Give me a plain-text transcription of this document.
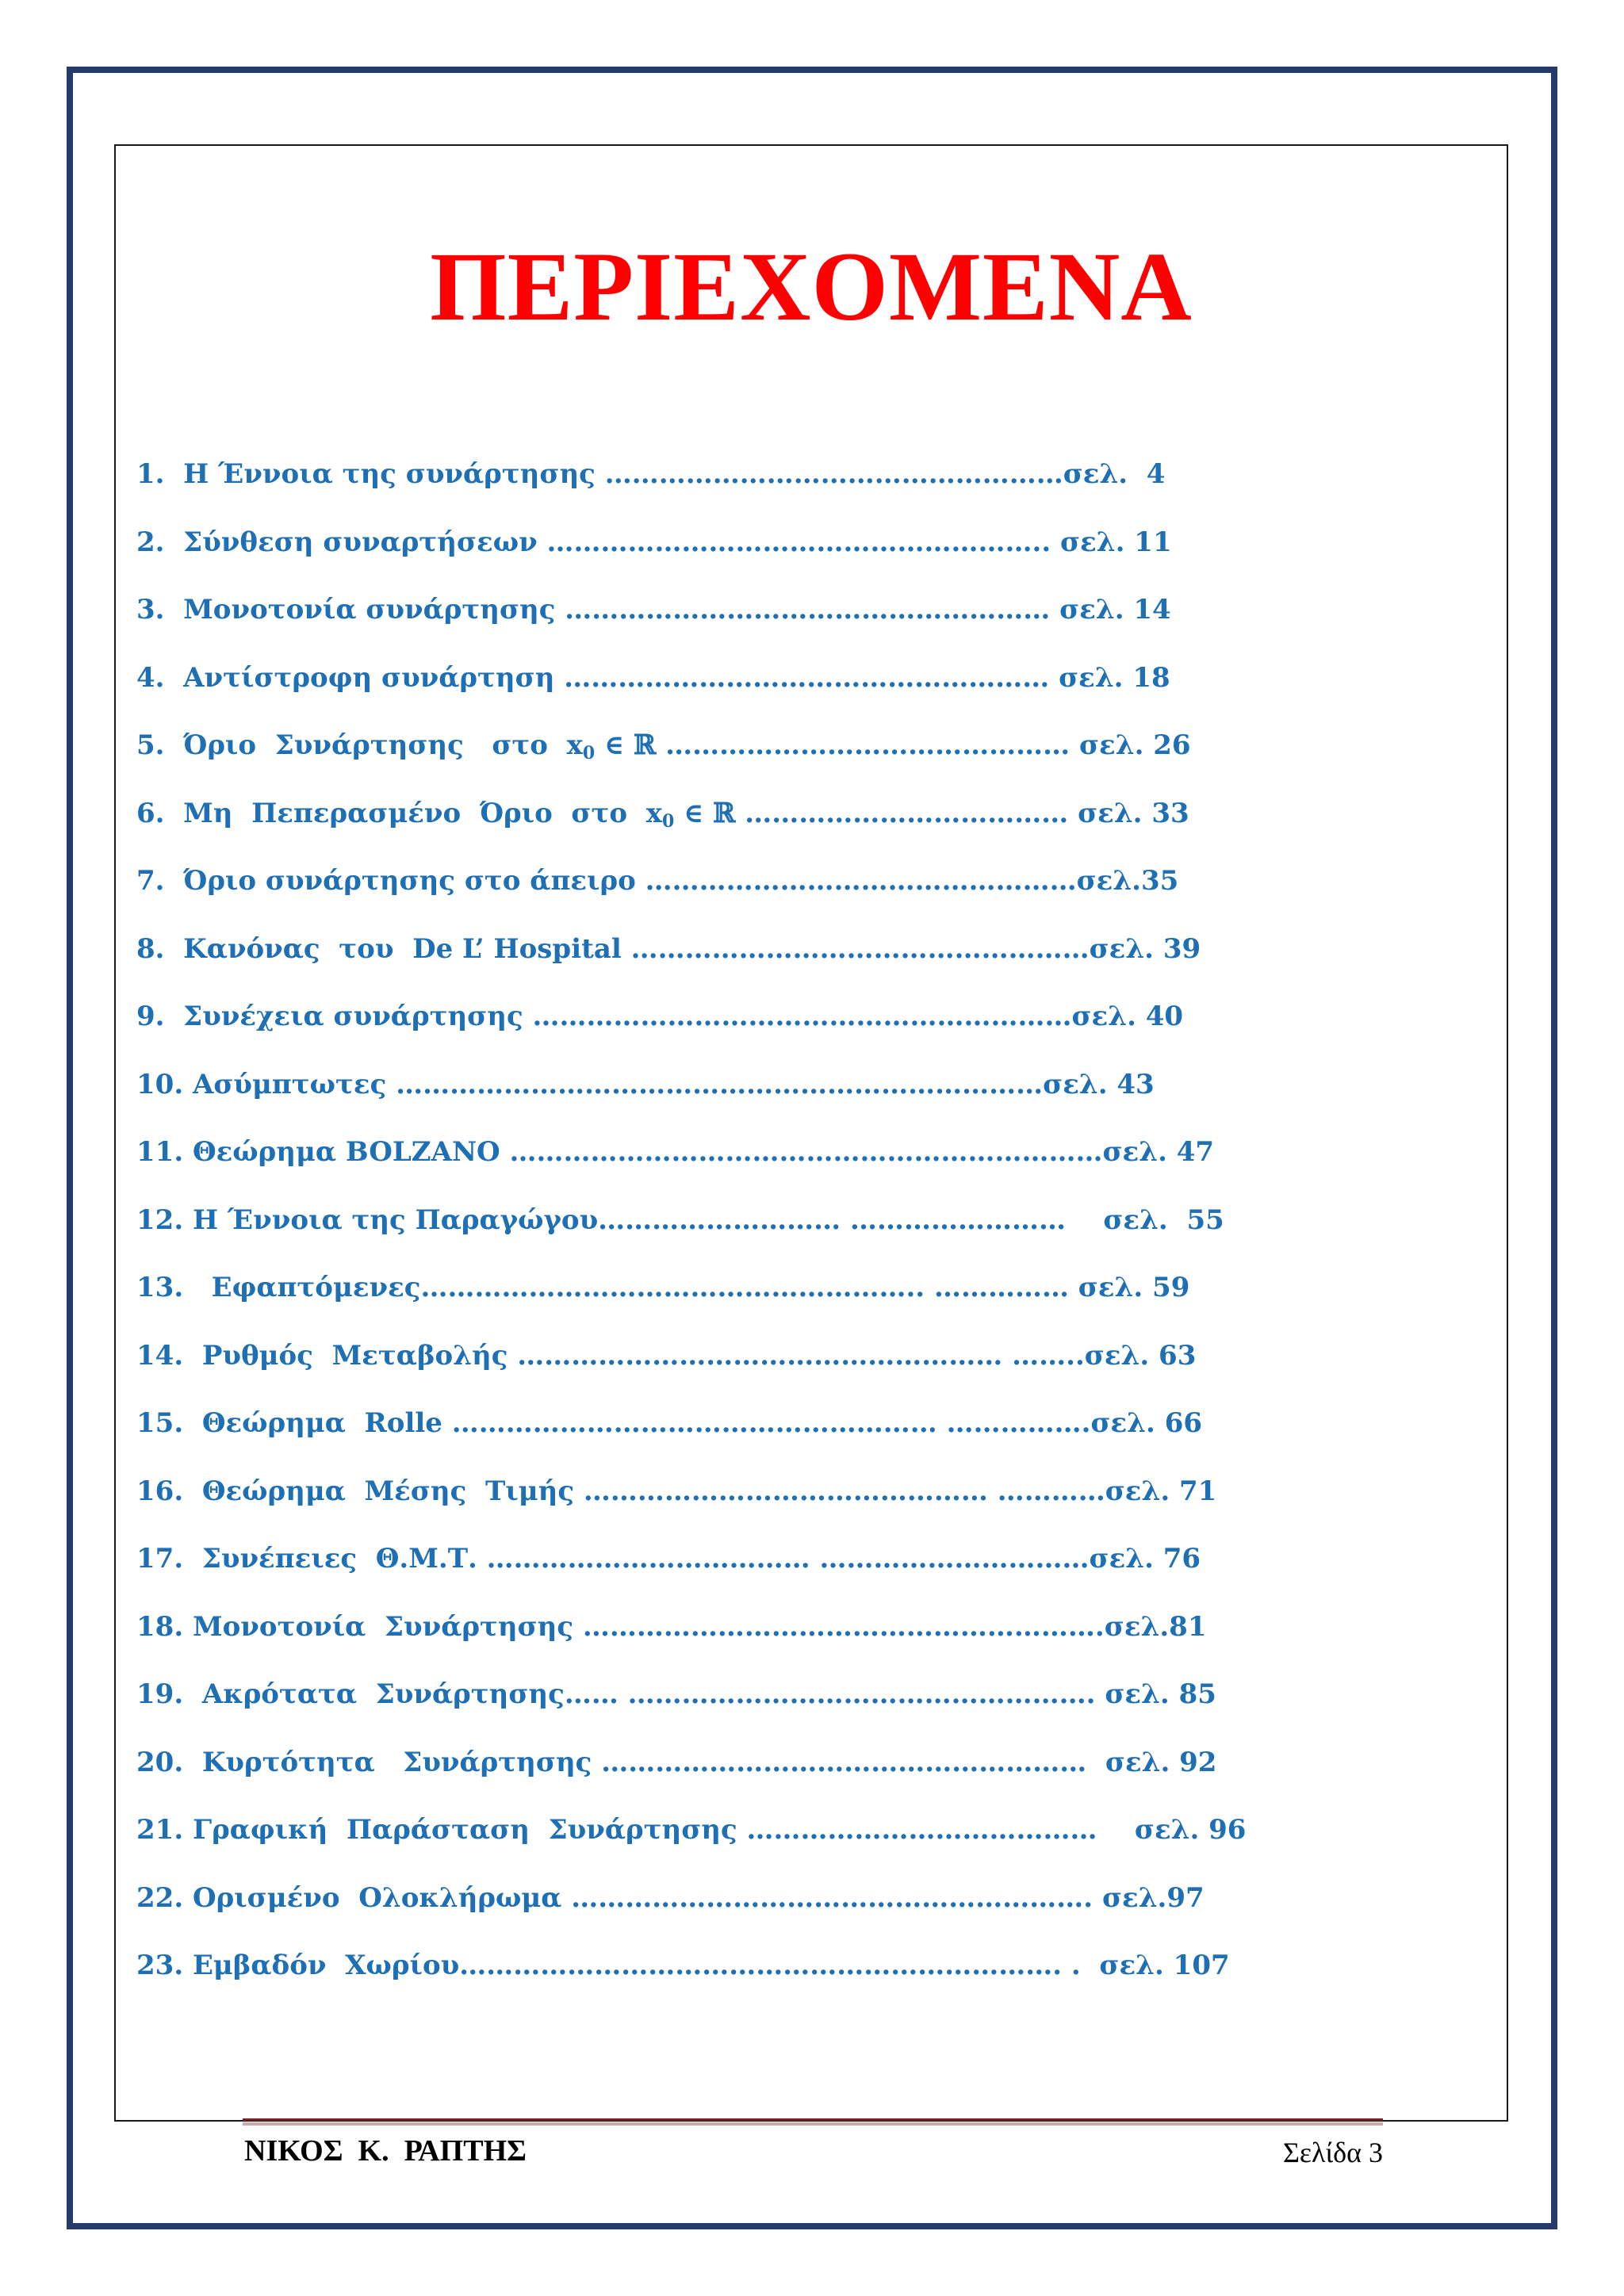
ΠΕΡΙΕΧΟΜΕΝΑ
1.  Η Έννοια της συνάρτησης ……………………………………………σελ.  4
2.  Σύνθεση συναρτήσεων ……………………………………………….. σελ. 11
3.  Μονοτονία συνάρτησης ……………………………………………… σελ. 14
4.  Αντίστροφη συνάρτηση ……………………………………………… σελ. 18
5.  Όριο  Συνάρτησης   στο  $x_0$ ∈ ℝ ……………………………………… σελ. 26
6.  Μη  Πεπερασμένο  Όριο  στο  $x_0$ ∈ ℝ ……………………………… σελ. 33
7.  Όριο συνάρτησης στο άπειρο …………………………………………σελ.35
8.  Κανόνας  του  De L’ Hospital ……………………………………………σελ. 39
9.  Συνέχεια συνάρτησης ……………………………………………………σελ. 40
10. Ασύμπτωτες ………………………………………………………………σελ. 43
11. Θεώρημα BOLZANO …………………………………………………………σελ. 47
12. Η Έννοια της Παραγώγου……………………… ……………………    σελ.  55
13.   Εφαπτόμενες……………………………………………….. …………… σελ. 59
14.  Ρυθμός  Μεταβολής ……………………………………………… ……..σελ. 63
15.  Θεώρημα  Rolle ……………………………………………… …………….σελ. 66
16.  Θεώρημα  Μέσης  Τιμής ……………………………………… …………σελ. 71
17.  Συνέπειες  Θ.Μ.Τ. ……………………………… …………………………σελ. 76
18. Μονοτονία  Συνάρτησης ………………………………………………….σελ.81
19.  Ακρότατα  Συνάρτησης…… ……………………………………………. σελ. 85
20.  Κυρτότητα   Συνάρτησης ………………………………………………  σελ. 92
21. Γραφική  Παράσταση  Συνάρτησης …………………………………    σελ. 96
22. Ορισμένο  Ολοκλήρωμα …………………………………………………. σελ.97
23. Εμβαδόν  Χωρίου…………………………………………………………. .  σελ. 107
ΝΙΚΟΣ  Κ.  ΡΑΠΤΗΣ	Σελίδα 3
